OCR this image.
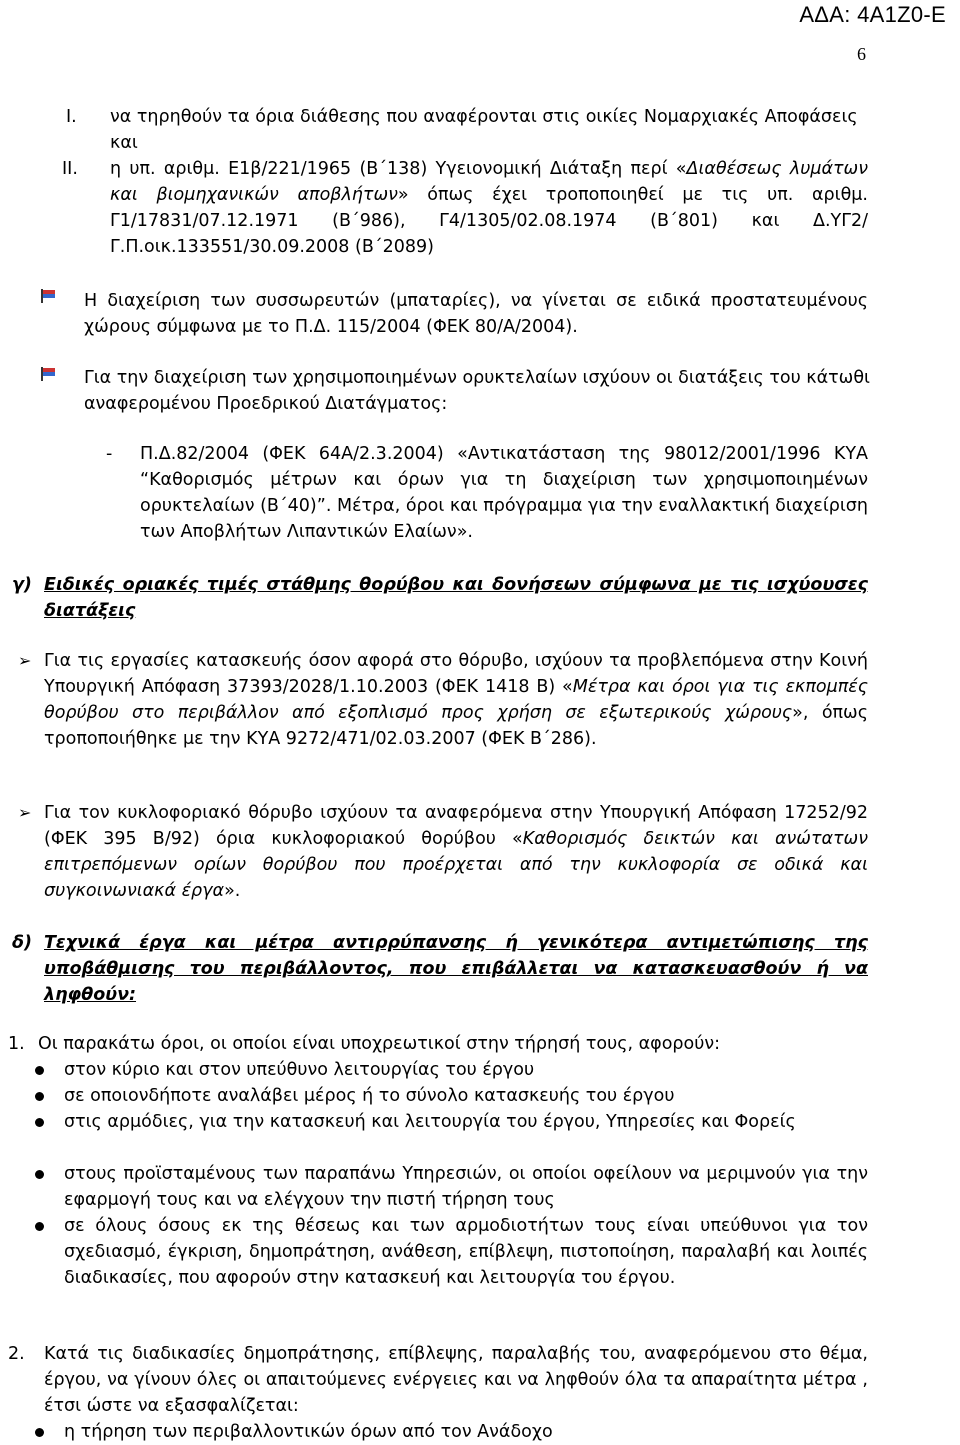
ΑΔΑ: 4Α1Ζ0-Ε
6
I. να τηρηθούν τα όρια διάθεσης που αναφέρονται στις οικίες Νομαρχιακές Αποφάσεις και
II. η υπ. αριθμ. Ε1β/221/1965 (Β΄138) Υγειονομική Διάταξη περί «Διαθέσεως λυμάτων και βιομηχανικών αποβλήτων» όπως έχει τροποποιηθεί με τις υπ. αριθμ. Γ1/17831/07.12.1971 (Β΄986), Γ4/1305/02.08.1974 (Β΄801) και Δ.ΥΓ2/Γ.Π.οικ.133551/30.09.2008 (Β΄2089)
Η διαχείριση των συσσωρευτών (μπαταρίες), να γίνεται σε ειδικά προστατευμένους χώρους σύμφωνα με το Π.Δ. 115/2004 (ΦΕΚ 80/Α/2004).
Για την διαχείριση των χρησιμοποιημένων ορυκτελαίων ισχύουν οι διατάξεις του κάτωθι αναφερομένου Προεδρικού Διατάγματος:
- Π.Δ.82/2004 (ΦΕΚ 64Α/2.3.2004) «Αντικατάσταση της 98012/2001/1996 ΚΥΑ “Καθορισμός μέτρων και όρων για τη διαχείριση των χρησιμοποιημένων ορυκτελαίων (Β΄40)”. Μέτρα, όροι και πρόγραμμα για την εναλλακτική διαχείριση των Αποβλήτων Λιπαντικών Ελαίων».
γ) Ειδικές οριακές τιμές στάθμης θορύβου και δονήσεων σύμφωνα με τις ισχύουσες διατάξεις
➢ Για τις εργασίες κατασκευής όσον αφορά στο θόρυβο, ισχύουν τα προβλεπόμενα στην Κοινή Υπουργική Απόφαση 37393/2028/1.10.2003 (ΦΕΚ 1418 Β) «Μέτρα και όροι για τις εκπομπές θορύβου στο περιβάλλον από εξοπλισμό προς χρήση σε εξωτερικούς χώρους», όπως τροποποιήθηκε με την ΚΥΑ 9272/471/02.03.2007 (ΦΕΚ Β΄286).
➢ Για τον κυκλοφοριακό θόρυβο ισχύουν τα αναφερόμενα στην Υπουργική Απόφαση 17252/92 (ΦΕΚ 395 Β/92) όρια κυκλοφοριακού θορύβου «Καθορισμός δεικτών και ανώτατων επιτρεπόμενων ορίων θορύβου που προέρχεται από την κυκλοφορία σε οδικά και συγκοινωνιακά έργα».
δ) Τεχνικά έργα και μέτρα αντιρρύπανσης ή γενικότερα αντιμετώπισης της υποβάθμισης του περιβάλλοντος, που επιβάλλεται να κατασκευασθούν ή να ληφθούν:
1. Οι παρακάτω όροι, οι οποίοι είναι υποχρεωτικοί στην τήρησή τους, αφορούν:
στον κύριο και στον υπεύθυνο λειτουργίας του έργου
σε οποιονδήποτε αναλάβει μέρος ή το σύνολο κατασκευής του έργου
στις αρμόδιες, για την κατασκευή και λειτουργία του έργου, Υπηρεσίες και Φορείς
στους προϊσταμένους των παραπάνω Υπηρεσιών, οι οποίοι οφείλουν να μεριμνούν για την εφαρμογή τους και να ελέγχουν την πιστή τήρηση τους
σε όλους όσους εκ της θέσεως και των αρμοδιοτήτων τους είναι υπεύθυνοι για τον σχεδιασμό, έγκριση, δημοπράτηση, ανάθεση, επίβλεψη, πιστοποίηση, παραλαβή και λοιπές διαδικασίες, που αφορούν στην κατασκευή και λειτουργία του έργου.
2. Κατά τις διαδικασίες δημοπράτησης, επίβλεψης, παραλαβής του, αναφερόμενου στο θέμα, έργου, να γίνουν όλες οι απαιτούμενες ενέργειες και να ληφθούν όλα τα απαραίτητα μέτρα , έτσι ώστε να εξασφαλίζεται:
η τήρηση των περιβαλλοντικών όρων από τον Ανάδοχο
